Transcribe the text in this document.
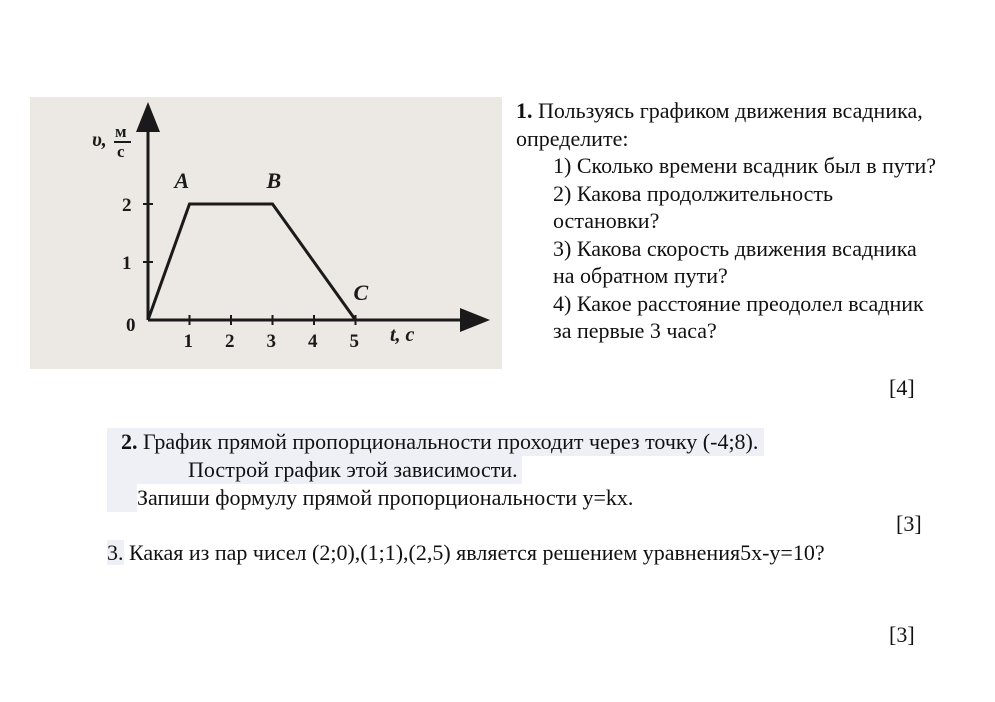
1 2 3 4 5
1
2
A	B
C
0
υ, м
с
t, с

1. Пользуясь графиком движения всадника, определите:

1) Сколько времени всадник был в пути?

2) Какова продолжительность остановки?

3) Какова скорость движения всадника на обратном пути?

4) Какое расстояние преодолел всадник за первые 3 часа?

[4]
2. График прямой пропорциональности проходит через точку (-4;8).
Построй график этой зависимости.
Запиши формулу прямой пропорциональности y=kx.
[3]
3. Какая из пар чисел (2;0),(1;1),(2,5) является решением уравнения5x-y=10?
[3]
